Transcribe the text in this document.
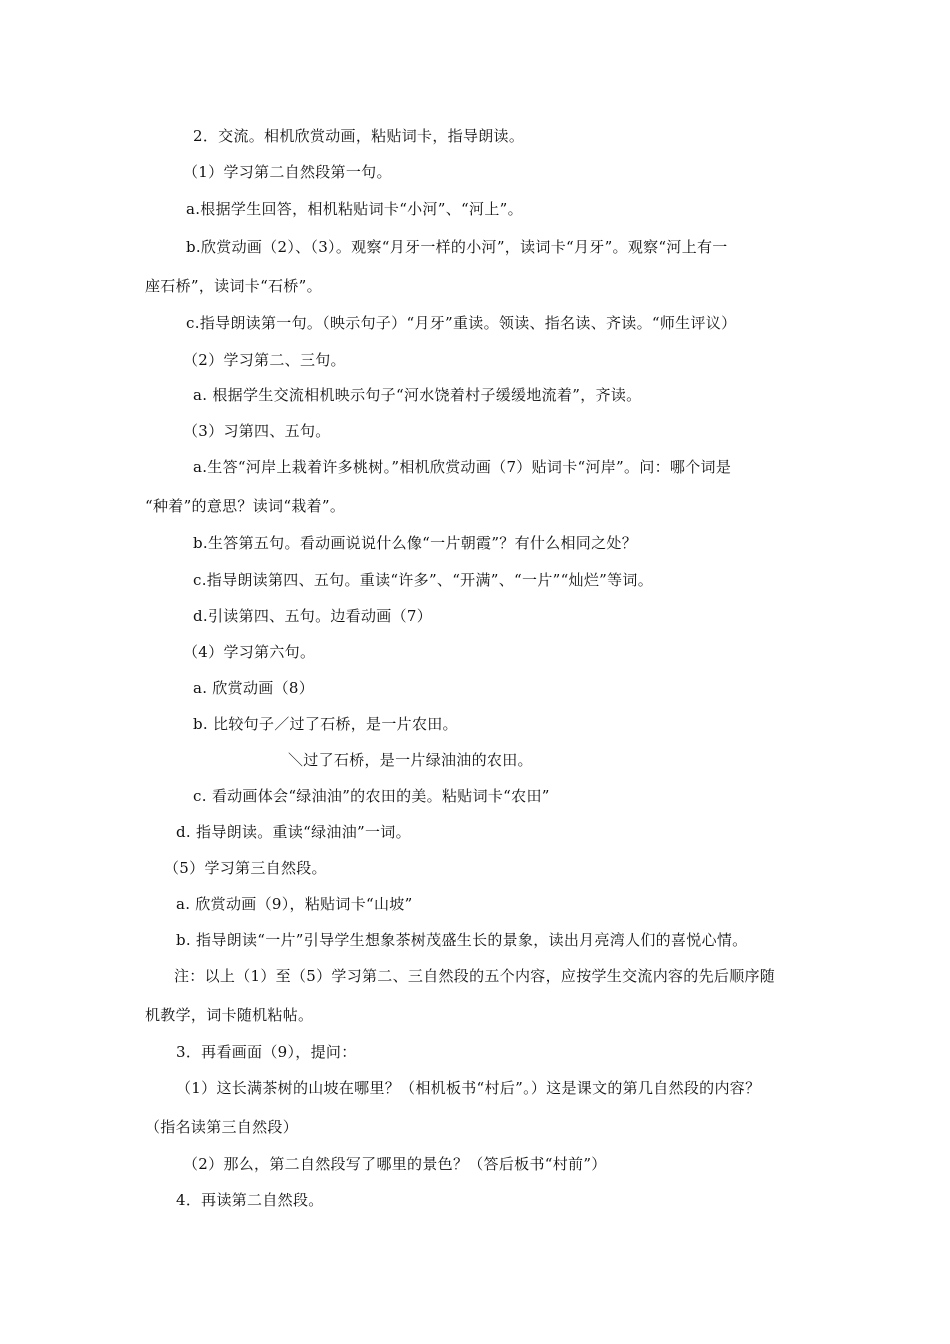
2．交流。相机欣赏动画，粘贴词卡，指导朗读。
（1）学习第二自然段第一句。
a.根据学生回答，相机粘贴词卡“小河”、“河上”。
b.欣赏动画（2）、（3）。观察“月牙一样的小河”，读词卡“月牙”。观察“河上有一
座石桥”，读词卡“石桥”。
c.指导朗读第一句。（映示句子）“月牙”重读。领读、指名读、齐读。“师生评议）
（2）学习第二、三句。
a. 根据学生交流相机映示句子“河水饶着村子缓缓地流着”，齐读。
（3）习第四、五句。
a.生答“河岸上栽着许多桃树。”相机欣赏动画（7）贴词卡“河岸”。问：哪个词是
“种着”的意思？读词“栽着”。
b.生答第五句。看动画说说什么像“一片朝霞”？有什么相同之处？
c.指导朗读第四、五句。重读“许多”、“开满”、“一片”“灿烂”等词。
d.引读第四、五句。边看动画（7）
（4）学习第六句。
a. 欣赏动画（8）
b. 比较句子／过了石桥，是一片农田。
＼过了石桥，是一片绿油油的农田。
c. 看动画体会“绿油油”的农田的美。粘贴词卡“农田”
d. 指导朗读。重读“绿油油”一词。
（5）学习第三自然段。
a. 欣赏动画（9），粘贴词卡“山坡”
b. 指导朗读“一片”引导学生想象茶树茂盛生长的景象，读出月亮湾人们的喜悦心情。
注：以上（1）至（5）学习第二、三自然段的五个内容，应按学生交流内容的先后顺序随
机教学，词卡随机粘帖。
3．再看画面（9），提问：
（1）这长满茶树的山坡在哪里？（相机板书“村后”。）这是课文的第几自然段的内容？
（指名读第三自然段）
（2）那么，第二自然段写了哪里的景色？（答后板书“村前”）
4．再读第二自然段。
